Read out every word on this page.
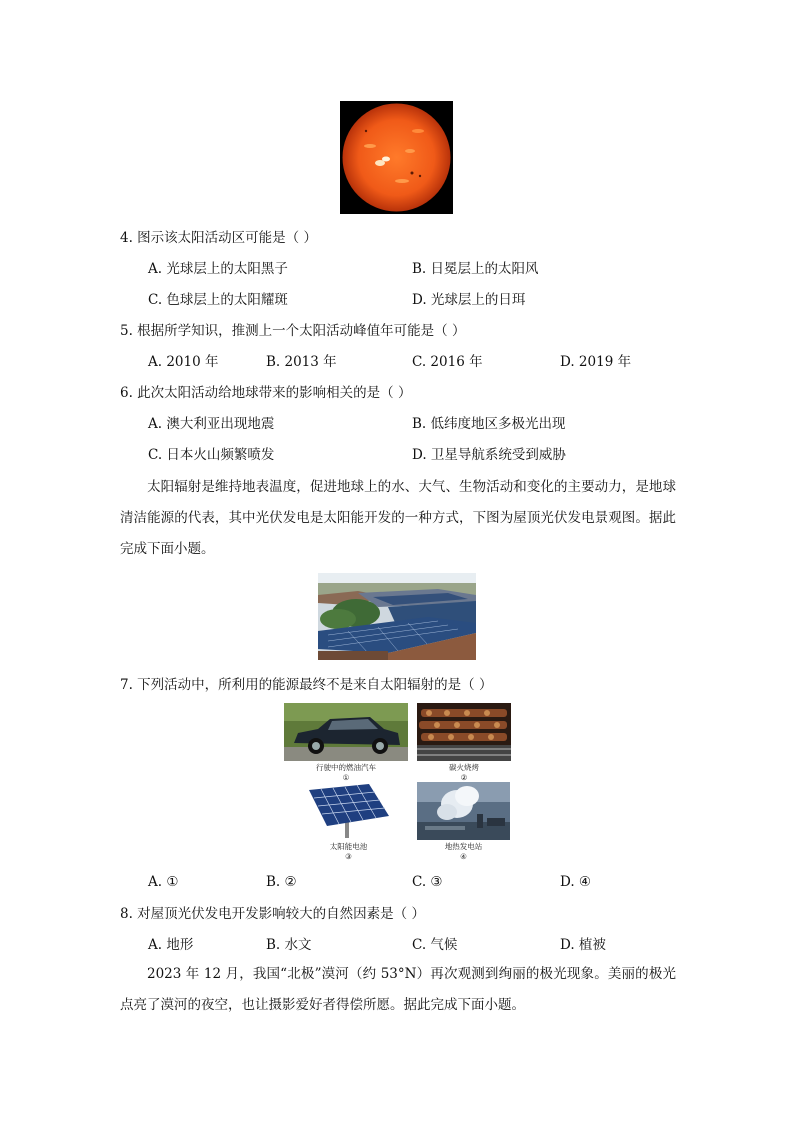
4. 图示该太阳活动区可能是（ ）
A. 光球层上的太阳黑子	B. 日冕层上的太阳风
C. 色球层上的太阳耀斑	D. 光球层上的日珥
5. 根据所学知识，推测上一个太阳活动峰值年可能是（ ）
A. 2010 年	B. 2013 年	C. 2016 年	D. 2019 年
6. 此次太阳活动给地球带来的影响相关的是（ ）
A. 澳大利亚出现地震	B. 低纬度地区多极光出现
C. 日本火山频繁喷发	D. 卫星导航系统受到威胁
太阳辐射是维持地表温度，促进地球上的水、大气、生物活动和变化的主要动力，是地球清洁能源的代表，其中光伏发电是太阳能开发的一种方式，下图为屋顶光伏发电景观图。据此完成下面小题。
7. 下列活动中，所利用的能源最终不是来自太阳辐射的是（ ）
行驶中的燃油汽车
①
碳火烧烤
②
太阳能电池
③
地热发电站
④
A. ①	B. ②	C. ③	D. ④
8. 对屋顶光伏发电开发影响较大的自然因素是（ ）
A. 地形	B. 水文	C. 气候	D. 植被
2023 年 12 月，我国“北极”漠河（约 53°N）再次观测到绚丽的极光现象。美丽的极光点亮了漠河的夜空，也让摄影爱好者得偿所愿。据此完成下面小题。
